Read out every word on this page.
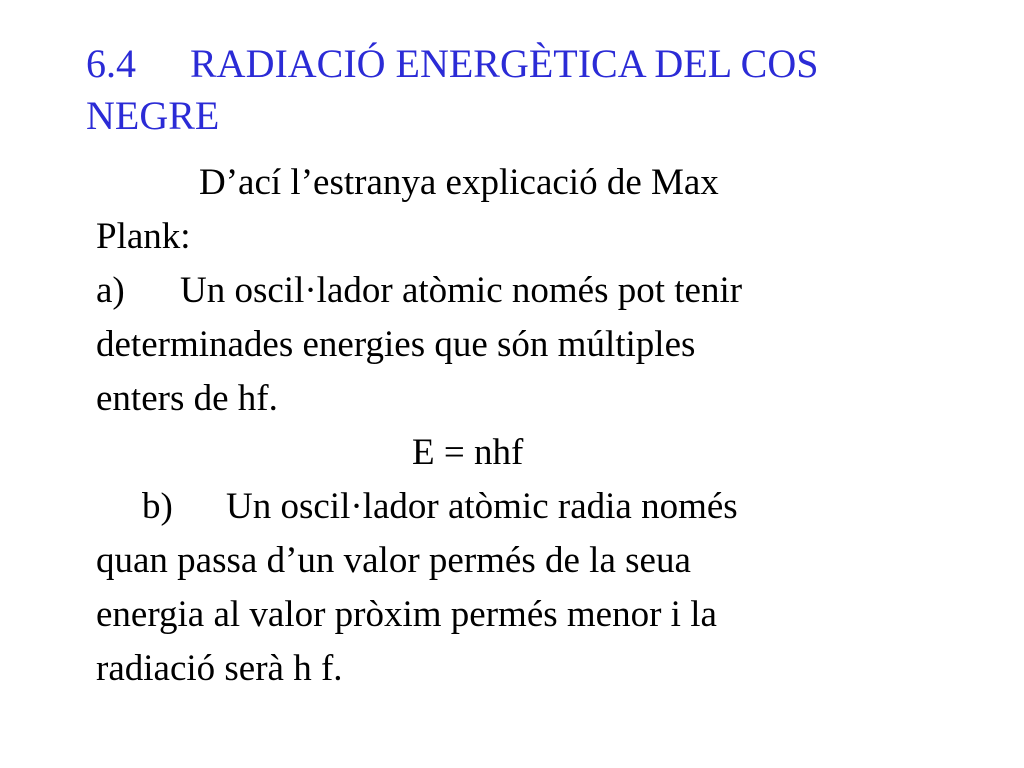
6.4 RADIACIÓ ENERGÈTICA DEL COS
NEGRE
D’ací l’estranya explicació de Max
Plank:
a) Un oscil·lador atòmic només pot tenir
determinades energies que són múltiples
enters de hf.
E = nhf
b) Un oscil·lador atòmic radia només
quan passa d’un valor permés de la seua
energia al valor pròxim permés menor i la
radiació serà h f.
